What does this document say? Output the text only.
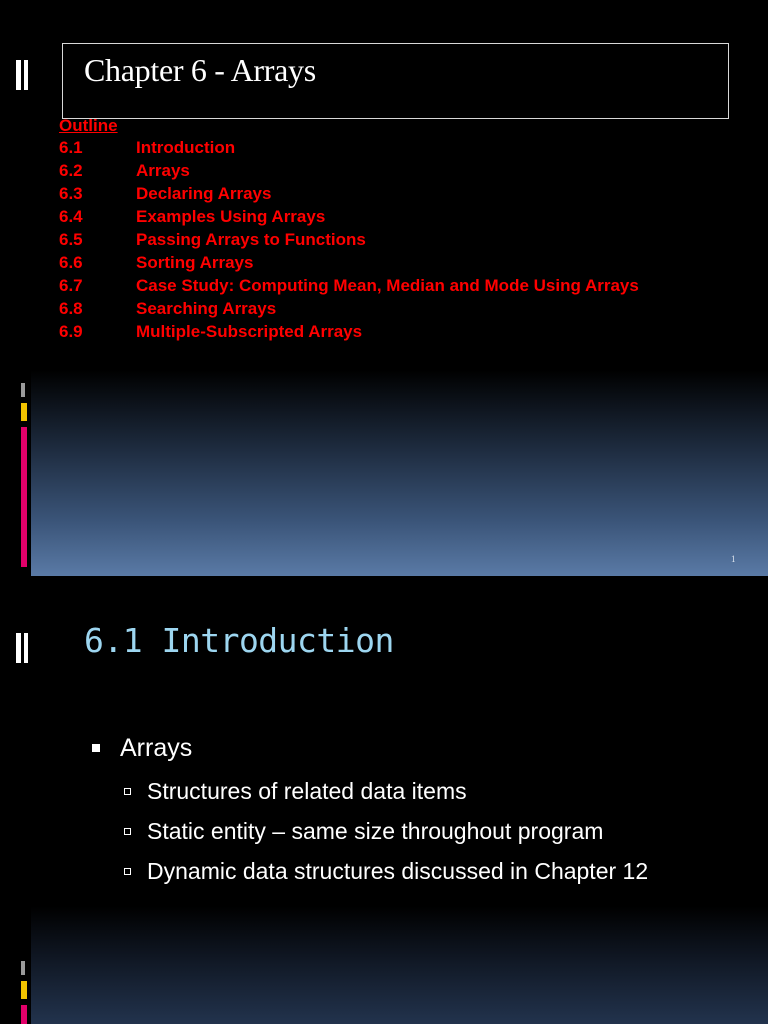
Chapter 6 - Arrays
Outline
6.1	Introduction
6.2	Arrays
6.3	Declaring Arrays
6.4	Examples Using Arrays
6.5	Passing Arrays to Functions
6.6	Sorting Arrays
6.7	Case Study: Computing Mean, Median and Mode Using Arrays
6.8	Searching Arrays
6.9	Multiple-Subscripted Arrays
1
6.1 Introduction
Arrays
Structures of related data items
Static entity – same size throughout program
Dynamic data structures discussed in Chapter 12
